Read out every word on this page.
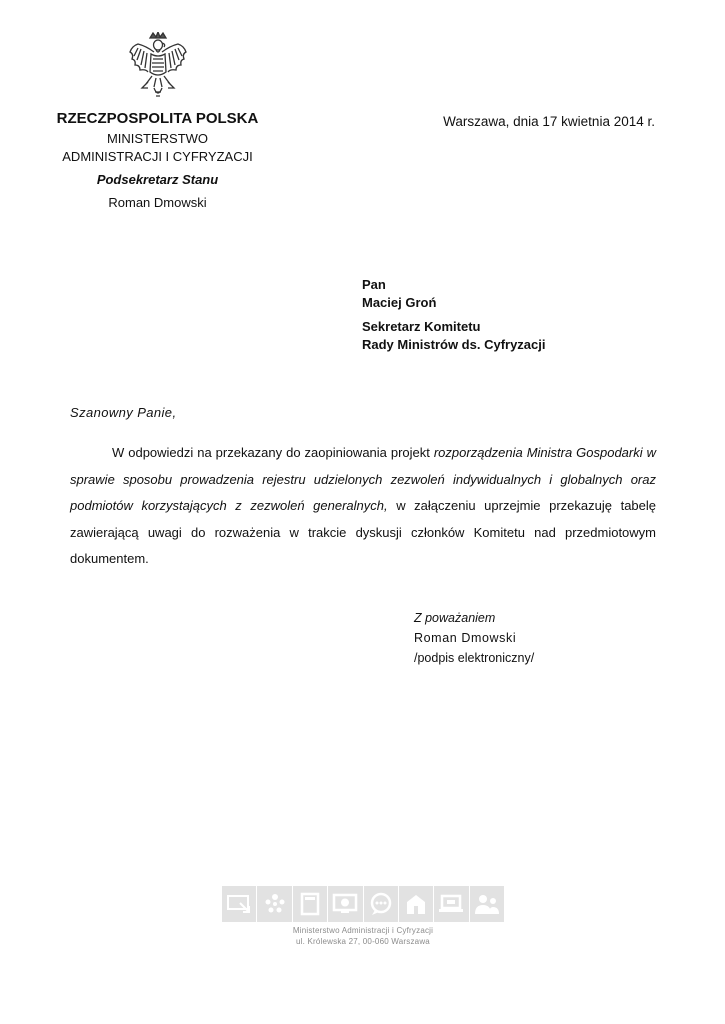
RZECZPOSPOLITA POLSKA
MINISTERSTWO
ADMINISTRACJI I CYFRYZACJI
Podsekretarz Stanu
Roman Dmowski
Warszawa, dnia 17 kwietnia 2014 r.
Pan
Maciej Groń
Sekretarz Komitetu
Rady Ministrów ds. Cyfryzacji
Szanowny Panie,
W odpowiedzi na przekazany do zaopiniowania projekt rozporządzenia Ministra Gospodarki w sprawie sposobu prowadzenia rejestru udzielonych zezwoleń indywidualnych i globalnych oraz podmiotów korzystających z zezwoleń generalnych, w załączeniu uprzejmie przekazuję tabelę zawierającą uwagi do rozważenia w trakcie dyskusji członków Komitetu nad przedmiotowym dokumentem.
Z poważaniem
Roman Dmowski
/podpis elektroniczny/
Ministerstwo Administracji i Cyfryzacji
ul. Królewska 27, 00-060 Warszawa
